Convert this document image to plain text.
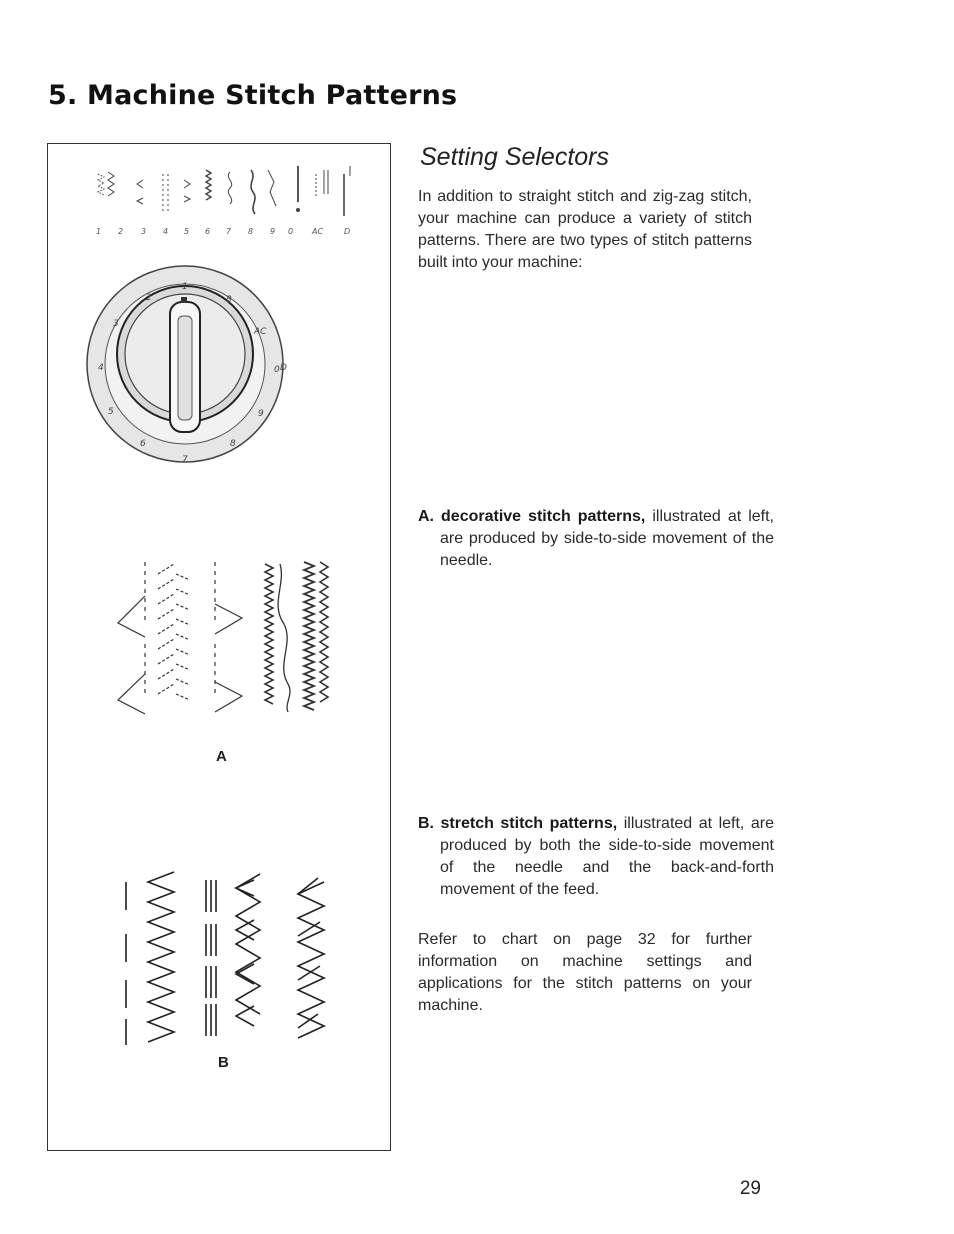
5. Machine Stitch Patterns
1 2 3 4 5 6 7 8 9 0 AC	D
1
2
3
4
5
6
7
8
9
0
AC
D
8
A
B
Setting Selectors

In addition to straight stitch and zig-zag stitch, your machine can produce a variety of stitch patterns. There are two types of stitch patterns built into your machine:

A. decorative stitch patterns, illustrated at left, are produced by side-to-side movement of the needle.

B. stretch stitch patterns, illustrated at left, are produced by both the side-to-side movement of the needle and the back-and-forth movement of the feed.

Refer to chart on page 32 for further information on machine settings and applications for the stitch patterns on your machine.

29
